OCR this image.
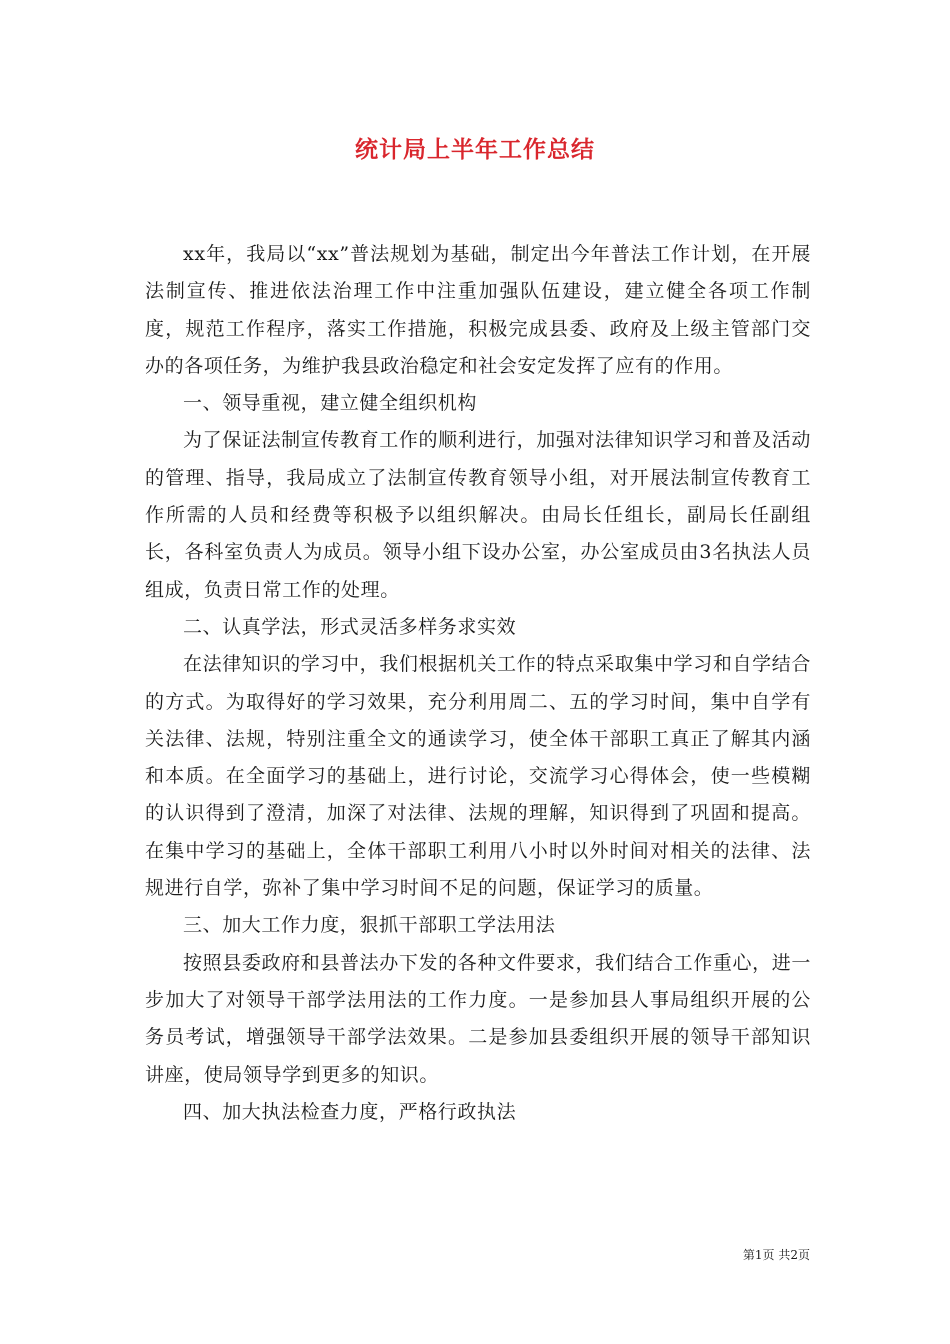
统计局上半年工作总结

xx年，我局以“xx”普法规划为基础，制定出今年普法工作计划，在开展法制宣传、推进依法治理工作中注重加强队伍建设，建立健全各项工作制度，规范工作程序，落实工作措施，积极完成县委、政府及上级主管部门交办的各项任务，为维护我县政治稳定和社会安定发挥了应有的作用。

一、领导重视，建立健全组织机构

为了保证法制宣传教育工作的顺利进行，加强对法律知识学习和普及活动的管理、指导，我局成立了法制宣传教育领导小组，对开展法制宣传教育工作所需的人员和经费等积极予以组织解决。由局长任组长，副局长任副组长，各科室负责人为成员。领导小组下设办公室，办公室成员由3名执法人员组成，负责日常工作的处理。

二、认真学法，形式灵活多样务求实效

在法律知识的学习中，我们根据机关工作的特点采取集中学习和自学结合的方式。为取得好的学习效果，充分利用周二、五的学习时间，集中自学有关法律、法规，特别注重全文的通读学习，使全体干部职工真正了解其内涵和本质。在全面学习的基础上，进行讨论，交流学习心得体会，使一些模糊的认识得到了澄清，加深了对法律、法规的理解，知识得到了巩固和提高。在集中学习的基础上，全体干部职工利用八小时以外时间对相关的法律、法规进行自学，弥补了集中学习时间不足的问题，保证学习的质量。

三、加大工作力度，狠抓干部职工学法用法

按照县委政府和县普法办下发的各种文件要求，我们结合工作重心，进一步加大了对领导干部学法用法的工作力度。一是参加县人事局组织开展的公务员考试，增强领导干部学法效果。二是参加县委组织开展的领导干部知识讲座，使局领导学到更多的知识。

四、加大执法检查力度，严格行政执法

第1页 共2页
